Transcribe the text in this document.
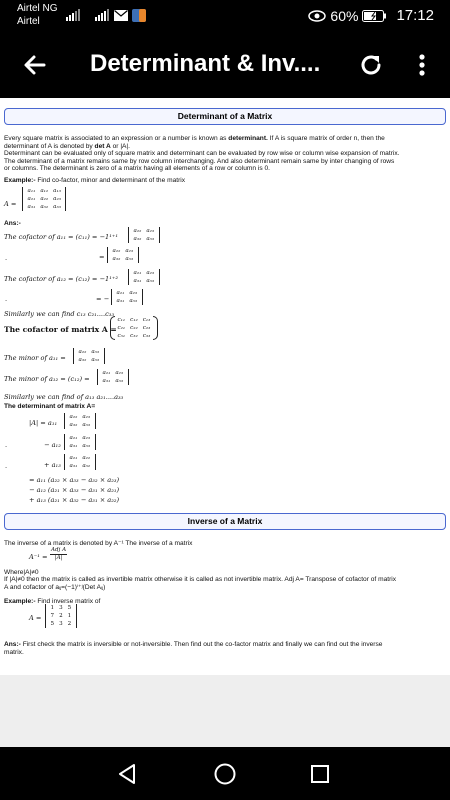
Airtel NG
Airtel	60%	17:12
Determinant & Inv....
Determinant of a Matrix
Every square matrix is associated to an expression or a number is known as determinant. If A is square matrix of order n, then the
determinant of A is denoted by det A or |A|.
Determinant can be evaluated only of square matrix and determinant can be evaluated by row wise or column wise expansion of matrix.
The determinant of a matrix remains same by row column interchanging. And also determinant remain same by inter changing of rows
or columns. The determinant is zero of a matrix having all elements of a row or column is 0.
Example:- Find co-factor, minor and determinant of the matrix
A =
a₁₁	a₁₂	a₁₃
a₂₁	a₂₂	a₂₃
a₃₁	a₃₂	a₃₃
Ans:-
The cofactor of a₁₁ = (c₁₁) = −1¹⁺¹
a₂₂	a₂₃
a₃₂	a₃₃
.	=
a₂₂	a₂₃
a₃₂	a₃₃
The cofactor of a₁₂ = (c₁₂) = −1¹⁺²
a₂₁	a₂₃
a₃₁	a₃₃
.	= −
a₂₁	a₂₃
a₃₁	a₃₃
Similarly we can find c₁₃ c₂₁....c₃₃
The cofactor of matrix A =
c₁₁	c₁₂	c₁₃
c₂₁	c₂₂	c₂₃
c₃₁	c₃₂	c₃₃
The minor of a₁₁ =
a₂₂	a₃₃
a₃₂	a₃₃
The minor of a₁₂ = (c₁₂) =
a₂₁	a₂₃
a₃₁	a₃₃
Similarly we can find of a₁₃ a₂₁....a₃₃
The determinant of matrix A=
|A| = a₁₁
a₂₂	a₂₃
a₃₂	a₃₃
.	− a₁₂
a₂₁	a₂₃
a₃₁	a₃₃
.	+ a₁₃
a₂₁	a₂₂
a₃₁	a₃₂
= a₁₁ (a₂₂ × a₃₃ − a₃₂ × a₂₃)
− a₁₂ (a₂₁ × a₃₃ − a₃₁ × a₂₁)
+ a₁₃ (a₂₁ × a₃₂ − a₃₁ × a₂₂)
Inverse of a Matrix
The inverse of a matrix is denoted by A⁻¹ The inverse of a matrix
A⁻¹ =
Adj A
|A|
Where|A|≠0
If |A|≠0 then the matrix is called as invertible matrix otherwise it is called as not invertible matrix. Adj A= Transpose of cofactor of matrix
A and cofactor of aᵢⱼ=(−1)ⁱ⁺ʲ(Det Aᵢⱼ)
Example:- Find inverse matrix of
A =
1	3	5
7	2	1
5	3	2
Ans:- First check the matrix is inversible or not-inversible. Then find out the co-factor matrix and finally we can find out the inverse
matrix.
